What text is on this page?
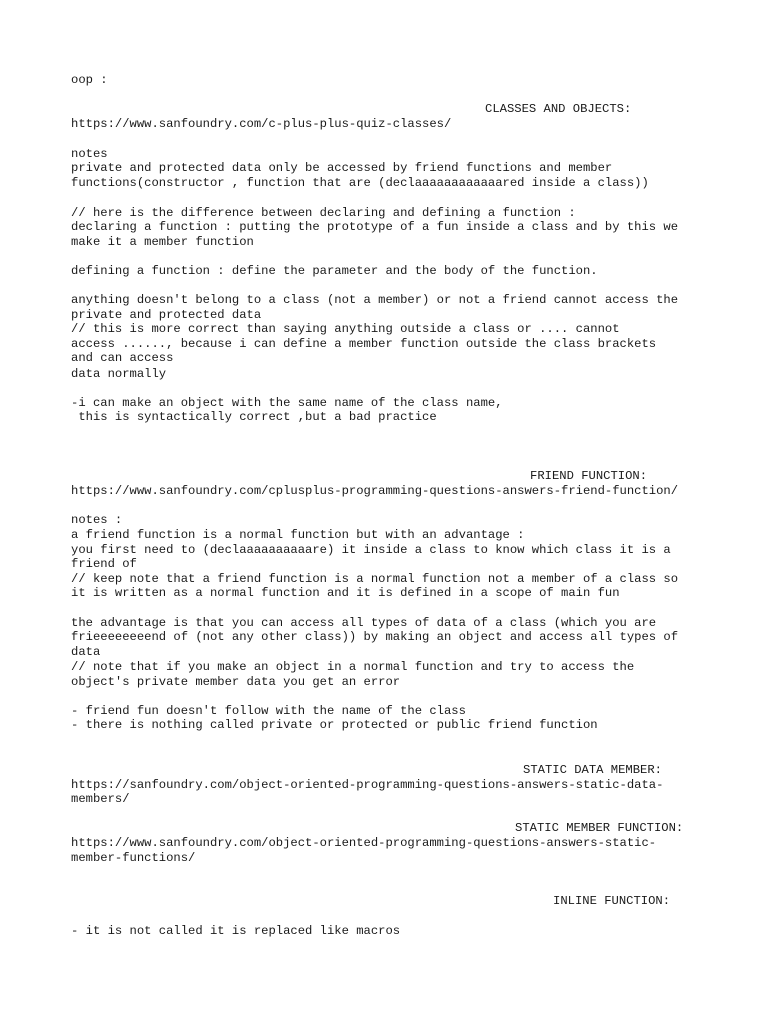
oop :

CLASSES AND OBJECTS:

https://www.sanfoundry.com/c-plus-plus-quiz-classes/

notes

private and protected data only be accessed by friend functions and member

functions(constructor , function that are (declaaaaaaaaaaaared inside a class))

// here is the difference between declaring and defining a function :

declaring a function : putting the prototype of a fun inside a class and by this we

make it a member function

defining a function : define the parameter and the body of the function.

anything doesn't belong to a class (not a member) or not a friend cannot access the

private and protected data

// this is more correct than saying anything outside a class or .... cannot

access ......, because i can define a member function outside the class brackets

and can access

data normally

-i can make an object with the same name of the class name,

this is syntactically correct ,but a bad practice

FRIEND FUNCTION:

https://www.sanfoundry.com/cplusplus-programming-questions-answers-friend-function/

notes :

a friend function is a normal function but with an advantage :

you first need to (declaaaaaaaaaare) it inside a class to know which class it is a

friend of

// keep note that a friend function is a normal function not a member of a class so

it is written as a normal function and it is defined in a scope of main fun

the advantage is that you can access all types of data of a class (which you are

frieeeeeeeend of (not any other class)) by making an object and access all types of

data

// note that if you make an object in a normal function and try to access the

object's private member data you get an error

- friend fun doesn't follow with the name of the class

- there is nothing called private or protected or public friend function

STATIC DATA MEMBER:

https://sanfoundry.com/object-oriented-programming-questions-answers-static-data-

members/

STATIC MEMBER FUNCTION:

https://www.sanfoundry.com/object-oriented-programming-questions-answers-static-

member-functions/

INLINE FUNCTION:

- it is not called it is replaced like macros
